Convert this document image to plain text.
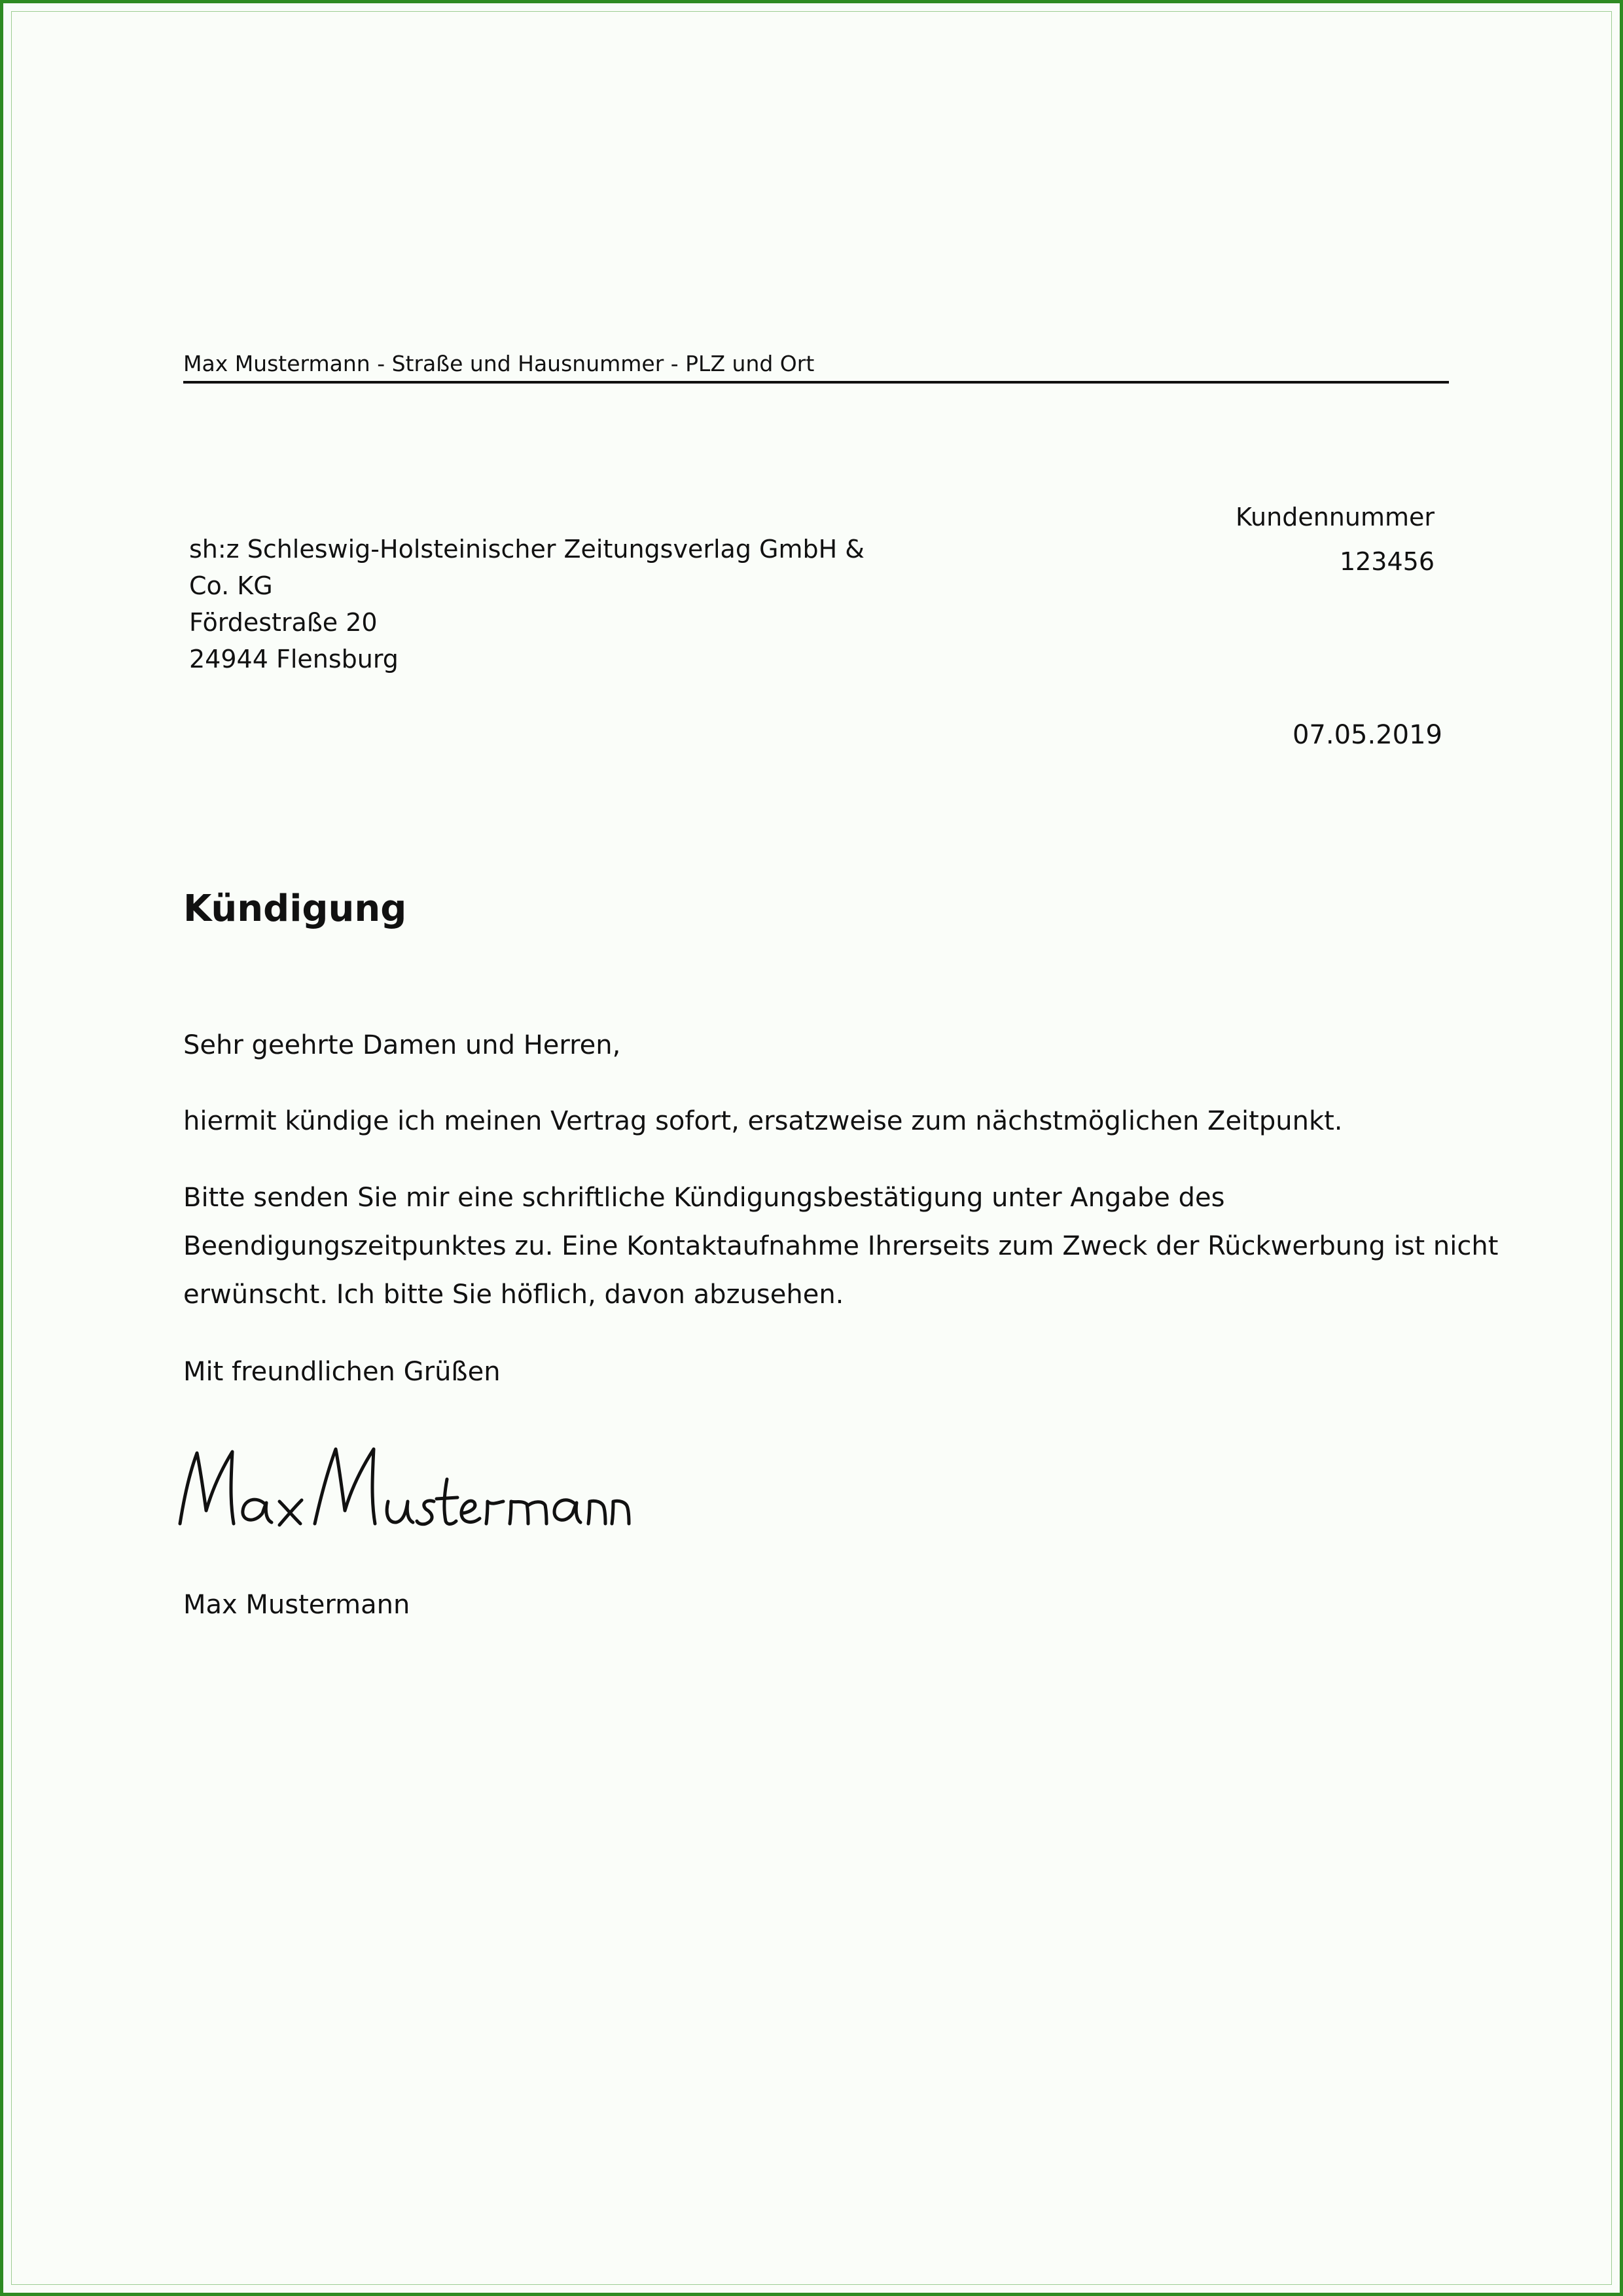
Max Mustermann - Straße und Hausnummer - PLZ und Ort
sh:z Schleswig-Holsteinischer Zeitungsverlag GmbH &
Co. KG
Fördestraße 20
24944 Flensburg
Kundennummer
123456
07.05.2019
Kündigung
Sehr geehrte Damen und Herren,
hiermit kündige ich meinen Vertrag sofort, ersatzweise zum nächstmöglichen Zeitpunkt.
Bitte senden Sie mir eine schriftliche Kündigungsbestätigung unter Angabe des
Beendigungszeitpunktes zu. Eine Kontaktaufnahme Ihrerseits zum Zweck der Rückwerbung ist nicht
erwünscht. Ich bitte Sie höflich, davon abzusehen.
Mit freundlichen Grüßen
Max Mustermann
